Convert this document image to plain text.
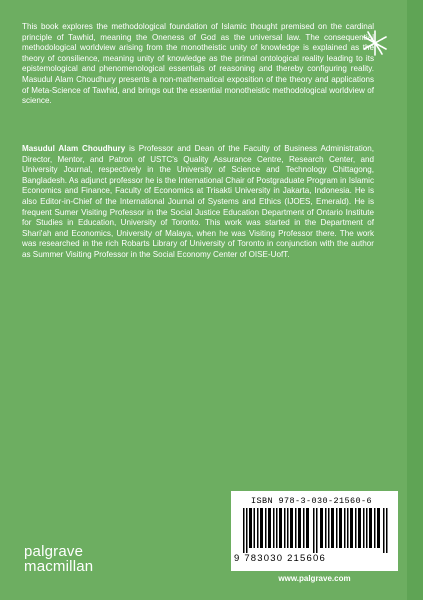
This book explores the methodological foundation of Islamic thought premised on the cardinal principle of Tawhid, meaning the Oneness of God as the universal law. The consequential methodological worldview arising from the monotheistic unity of knowledge is explained as the theory of consilience, meaning unity of knowledge as the primal ontological reality leading to its epistemological and phenomenological essentials of reasoning and thereby configuring reality. Masudul Alam Choudhury presents a non-mathematical exposition of the theory and applications of Meta-Science of Tawhid, and brings out the essential monotheistic methodological worldview of science.
Masudul Alam Choudhury is Professor and Dean of the Faculty of Business Administration, Director, Mentor, and Patron of USTC's Quality Assurance Centre, Research Center, and University Journal, respectively in the University of Science and Technology Chittagong, Bangladesh. As adjunct professor he is the International Chair of Postgraduate Program in Islamic Economics and Finance, Faculty of Economics at Trisakti University in Jakarta, Indonesia. He is also Editor-in-Chief of the International Journal of Systems and Ethics (IJOES, Emerald). He is frequent Sumer Visiting Professor in the Social Justice Education Department of Ontario Institute for Studies in Education, University of Toronto. This work was started in the Department of Shari'ah and Economics, University of Malaya, when he was Visiting Professor there. The work was researched in the rich Robarts Library of University of Toronto in conjunction with the author as Summer Visiting Professor in the Social Economy Center of OISE-UofT.
palgrave
macmillan
ISBN 978-3-030-21560-6
9 783030 215606
www.palgrave.com
